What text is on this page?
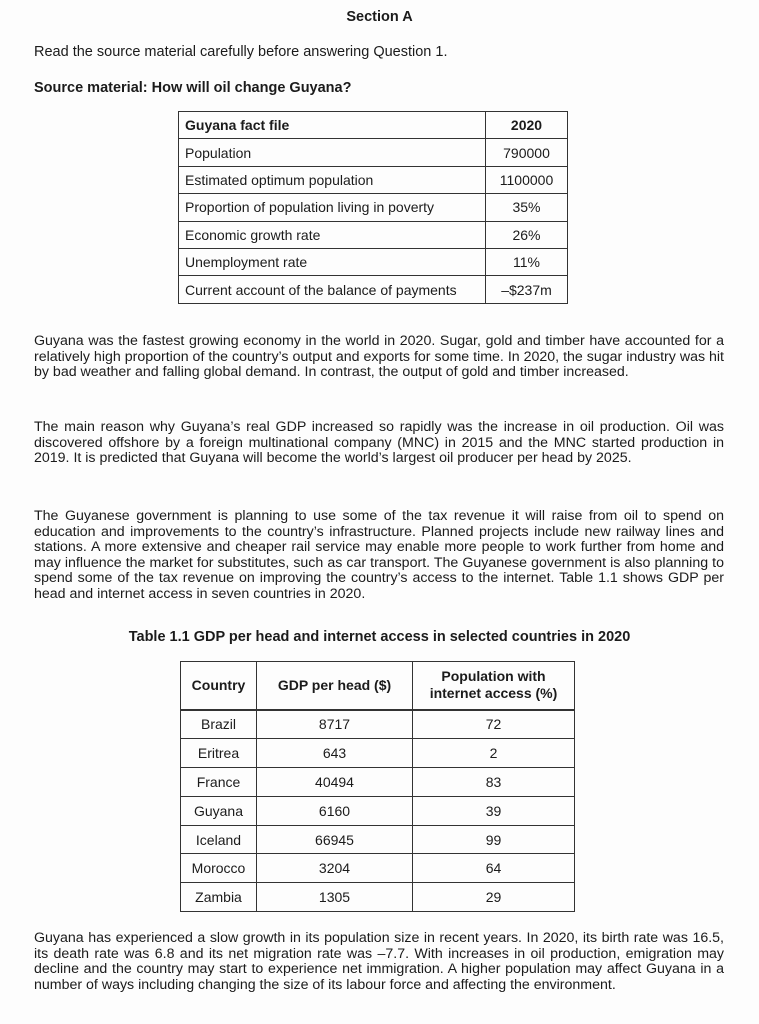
Section A
Read the source material carefully before answering Question 1.
Source material: How will oil change Guyana?
Guyana fact file	2020
Population	790000
Estimated optimum population	1100000
Proportion of population living in poverty	35%
Economic growth rate	26%
Unemployment rate	11%
Current account of the balance of payments	–$237m

Guyana was the fastest growing economy in the world in 2020. Sugar, gold and timber have accounted for a relatively high proportion of the country’s output and exports for some time. In 2020, the sugar industry was hit by bad weather and falling global demand. In contrast, the output of gold and timber increased.

The main reason why Guyana’s real GDP increased so rapidly was the increase in oil production. Oil was discovered offshore by a foreign multinational company (MNC) in 2015 and the MNC started production in 2019. It is predicted that Guyana will become the world’s largest oil producer per head by 2025.

The Guyanese government is planning to use some of the tax revenue it will raise from oil to spend on education and improvements to the country’s infrastructure. Planned projects include new railway lines and stations. A more extensive and cheaper rail service may enable more people to work further from home and may influence the market for substitutes, such as car transport. The Guyanese government is also planning to spend some of the tax revenue on improving the country’s access to the internet. Table 1.1 shows GDP per head and internet access in seven countries in 2020.

Table 1.1 GDP per head and internet access in selected countries in 2020
Country	GDP per head ($)	Population with internet access (%)
Brazil	8717	72
Eritrea	643	2
France	40494	83
Guyana	6160	39
Iceland	66945	99
Morocco	3204	64
Zambia	1305	29

Guyana has experienced a slow growth in its population size in recent years. In 2020, its birth rate was 16.5, its death rate was 6.8 and its net migration rate was –7.7. With increases in oil production, emigration may decline and the country may start to experience net immigration. A higher population may affect Guyana in a number of ways including changing the size of its labour force and affecting the environment.
